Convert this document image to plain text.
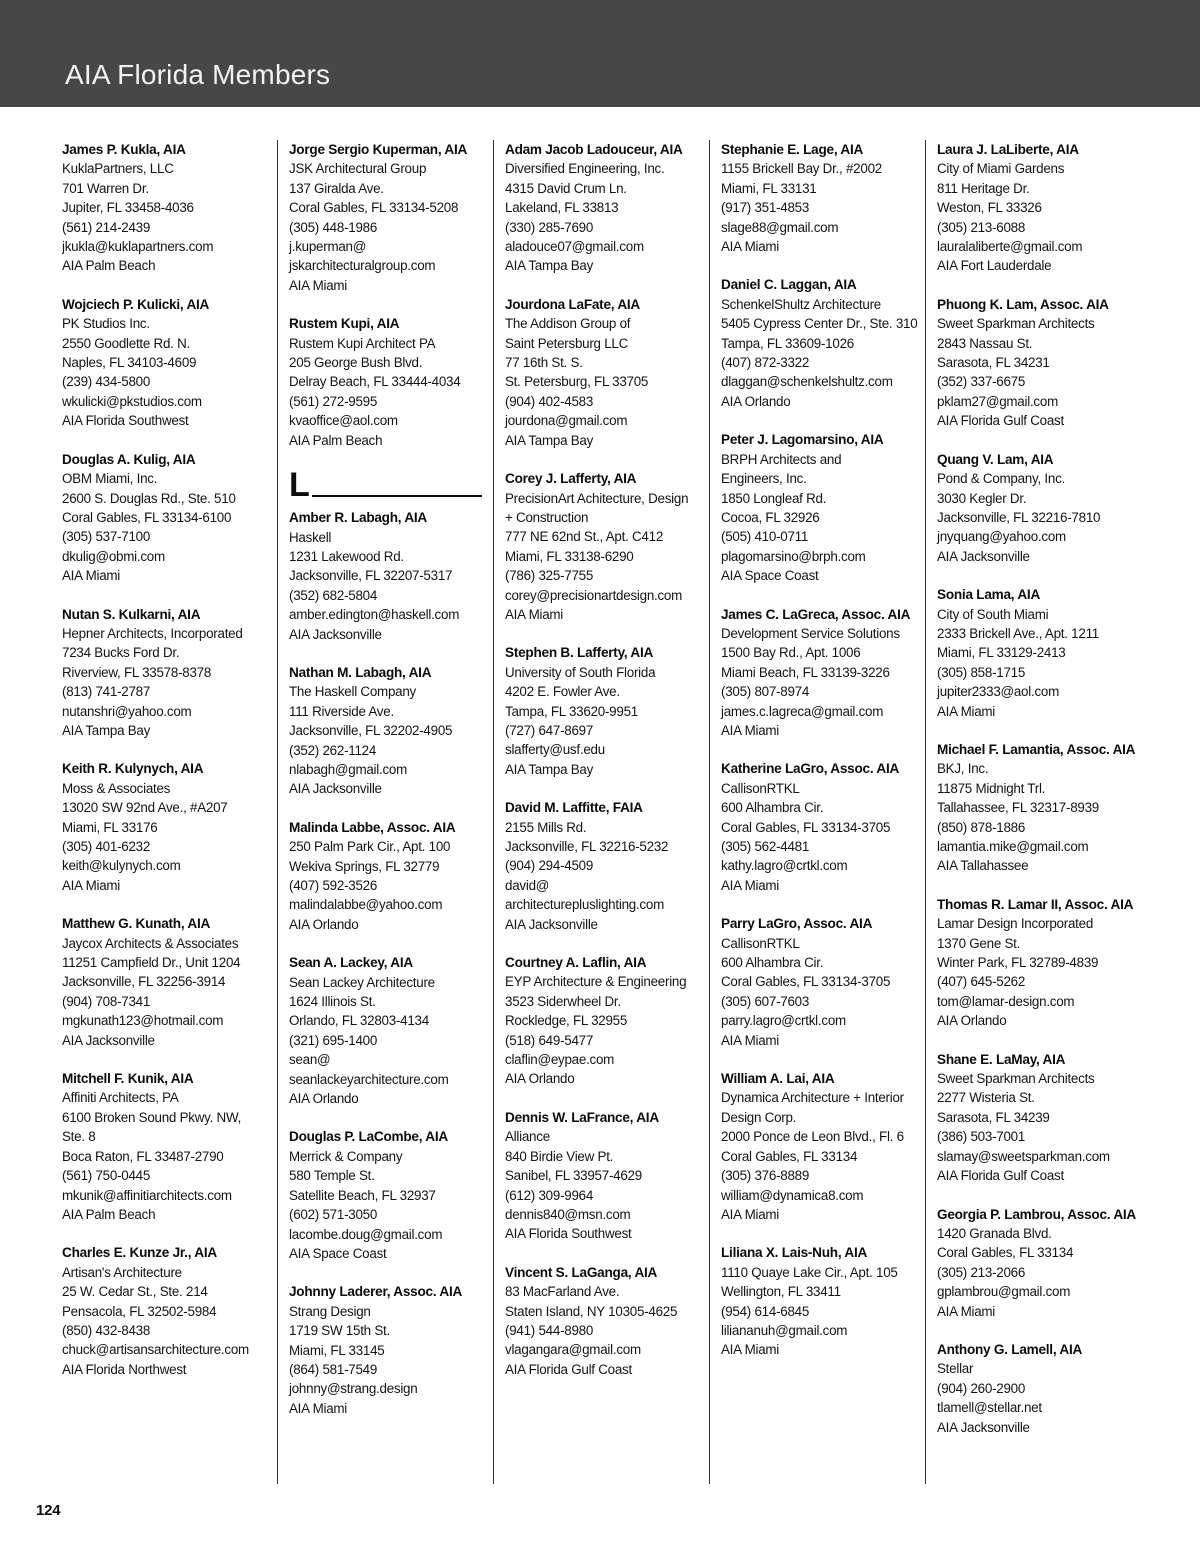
AIA Florida Members
James P. Kukla, AIA
KuklaPartners, LLC
701 Warren Dr.
Jupiter, FL 33458-4036
(561) 214-2439
jkukla@kuklapartners.com
AIA Palm Beach
Wojciech P. Kulicki, AIA
PK Studios Inc.
2550 Goodlette Rd. N.
Naples, FL 34103-4609
(239) 434-5800
wkulicki@pkstudios.com
AIA Florida Southwest
Douglas A. Kulig, AIA
OBM Miami, Inc.
2600 S. Douglas Rd., Ste. 510
Coral Gables, FL 33134-6100
(305) 537-7100
dkulig@obmi.com
AIA Miami
Nutan S. Kulkarni, AIA
Hepner Architects, Incorporated
7234 Bucks Ford Dr.
Riverview, FL 33578-8378
(813) 741-2787
nutanshri@yahoo.com
AIA Tampa Bay
Keith R. Kulynych, AIA
Moss & Associates
13020 SW 92nd Ave., #A207
Miami, FL 33176
(305) 401-6232
keith@kulynych.com
AIA Miami
Matthew G. Kunath, AIA
Jaycox Architects & Associates
11251 Campfield Dr., Unit 1204
Jacksonville, FL 32256-3914
(904) 708-7341
mgkunath123@hotmail.com
AIA Jacksonville
Mitchell F. Kunik, AIA
Affiniti Architects, PA
6100 Broken Sound Pkwy. NW,
Ste. 8
Boca Raton, FL 33487-2790
(561) 750-0445
mkunik@affinitiarchitects.com
AIA Palm Beach
Charles E. Kunze Jr., AIA
Artisan's Architecture
25 W. Cedar St., Ste. 214
Pensacola, FL 32502-5984
(850) 432-8438
chuck@artisansarchitecture.com
AIA Florida Northwest
Jorge Sergio Kuperman, AIA
JSK Architectural Group
137 Giralda Ave.
Coral Gables, FL 33134-5208
(305) 448-1986
j.kuperman@
jskarchitecturalgroup.com
AIA Miami
Rustem Kupi, AIA
Rustem Kupi Architect PA
205 George Bush Blvd.
Delray Beach, FL 33444-4034
(561) 272-9595
kvaoffice@aol.com
AIA Palm Beach
L
Amber R. Labagh, AIA
Haskell
1231 Lakewood Rd.
Jacksonville, FL 32207-5317
(352) 682-5804
amber.edington@haskell.com
AIA Jacksonville
Nathan M. Labagh, AIA
The Haskell Company
111 Riverside Ave.
Jacksonville, FL 32202-4905
(352) 262-1124
nlabagh@gmail.com
AIA Jacksonville
Malinda Labbe, Assoc. AIA
250 Palm Park Cir., Apt. 100
Wekiva Springs, FL 32779
(407) 592-3526
malindalabbe@yahoo.com
AIA Orlando
Sean A. Lackey, AIA
Sean Lackey Architecture
1624 Illinois St.
Orlando, FL 32803-4134
(321) 695-1400
sean@
seanlackeyarchitecture.com
AIA Orlando
Douglas P. LaCombe, AIA
Merrick & Company
580 Temple St.
Satellite Beach, FL 32937
(602) 571-3050
lacombe.doug@gmail.com
AIA Space Coast
Johnny Laderer, Assoc. AIA
Strang Design
1719 SW 15th St.
Miami, FL 33145
(864) 581-7549
johnny@strang.design
AIA Miami
Adam Jacob Ladouceur, AIA
Diversified Engineering, Inc.
4315 David Crum Ln.
Lakeland, FL 33813
(330) 285-7690
aladouce07@gmail.com
AIA Tampa Bay
Jourdona LaFate, AIA
The Addison Group of
Saint Petersburg LLC
77 16th St. S.
St. Petersburg, FL 33705
(904) 402-4583
jourdona@gmail.com
AIA Tampa Bay
Corey J. Lafferty, AIA
PrecisionArt Achitecture, Design
+ Construction
777 NE 62nd St., Apt. C412
Miami, FL 33138-6290
(786) 325-7755
corey@precisionartdesign.com
AIA Miami
Stephen B. Lafferty, AIA
University of South Florida
4202 E. Fowler Ave.
Tampa, FL 33620-9951
(727) 647-8697
slafferty@usf.edu
AIA Tampa Bay
David M. Laffitte, FAIA
2155 Mills Rd.
Jacksonville, FL 32216-5232
(904) 294-4509
david@
architecturepluslighting.com
AIA Jacksonville
Courtney A. Laflin, AIA
EYP Architecture & Engineering
3523 Siderwheel Dr.
Rockledge, FL 32955
(518) 649-5477
claflin@eypae.com
AIA Orlando
Dennis W. LaFrance, AIA
Alliance
840 Birdie View Pt.
Sanibel, FL 33957-4629
(612) 309-9964
dennis840@msn.com
AIA Florida Southwest
Vincent S. LaGanga, AIA
83 MacFarland Ave.
Staten Island, NY 10305-4625
(941) 544-8980
vlagangara@gmail.com
AIA Florida Gulf Coast
Stephanie E. Lage, AIA
1155 Brickell Bay Dr., #2002
Miami, FL 33131
(917) 351-4853
slage88@gmail.com
AIA Miami
Daniel C. Laggan, AIA
SchenkelShultz Architecture
5405 Cypress Center Dr., Ste. 310
Tampa, FL 33609-1026
(407) 872-3322
dlaggan@schenkelshultz.com
AIA Orlando
Peter J. Lagomarsino, AIA
BRPH Architects and
Engineers, Inc.
1850 Longleaf Rd.
Cocoa, FL 32926
(505) 410-0711
plagomarsino@brph.com
AIA Space Coast
James C. LaGreca, Assoc. AIA
Development Service Solutions
1500 Bay Rd., Apt. 1006
Miami Beach, FL 33139-3226
(305) 807-8974
james.c.lagreca@gmail.com
AIA Miami
Katherine LaGro, Assoc. AIA
CallisonRTKL
600 Alhambra Cir.
Coral Gables, FL 33134-3705
(305) 562-4481
kathy.lagro@crtkl.com
AIA Miami
Parry LaGro, Assoc. AIA
CallisonRTKL
600 Alhambra Cir.
Coral Gables, FL 33134-3705
(305) 607-7603
parry.lagro@crtkl.com
AIA Miami
William A. Lai, AIA
Dynamica Architecture + Interior
Design Corp.
2000 Ponce de Leon Blvd., Fl. 6
Coral Gables, FL 33134
(305) 376-8889
william@dynamica8.com
AIA Miami
Liliana X. Lais-Nuh, AIA
1110 Quaye Lake Cir., Apt. 105
Wellington, FL 33411
(954) 614-6845
liliananuh@gmail.com
AIA Miami
Laura J. LaLiberte, AIA
City of Miami Gardens
811 Heritage Dr.
Weston, FL 33326
(305) 213-6088
lauralaliberte@gmail.com
AIA Fort Lauderdale
Phuong K. Lam, Assoc. AIA
Sweet Sparkman Architects
2843 Nassau St.
Sarasota, FL 34231
(352) 337-6675
pklam27@gmail.com
AIA Florida Gulf Coast
Quang V. Lam, AIA
Pond & Company, Inc.
3030 Kegler Dr.
Jacksonville, FL 32216-7810
jnyquang@yahoo.com
AIA Jacksonville
Sonia Lama, AIA
City of South Miami
2333 Brickell Ave., Apt. 1211
Miami, FL 33129-2413
(305) 858-1715
jupiter2333@aol.com
AIA Miami
Michael F. Lamantia, Assoc. AIA
BKJ, Inc.
11875 Midnight Trl.
Tallahassee, FL 32317-8939
(850) 878-1886
lamantia.mike@gmail.com
AIA Tallahassee
Thomas R. Lamar II, Assoc. AIA
Lamar Design Incorporated
1370 Gene St.
Winter Park, FL 32789-4839
(407) 645-5262
tom@lamar-design.com
AIA Orlando
Shane E. LaMay, AIA
Sweet Sparkman Architects
2277 Wisteria St.
Sarasota, FL 34239
(386) 503-7001
slamay@sweetsparkman.com
AIA Florida Gulf Coast
Georgia P. Lambrou, Assoc. AIA
1420 Granada Blvd.
Coral Gables, FL 33134
(305) 213-2066
gplambrou@gmail.com
AIA Miami
Anthony G. Lamell, AIA
Stellar
(904) 260-2900
tlamell@stellar.net
AIA Jacksonville
124
